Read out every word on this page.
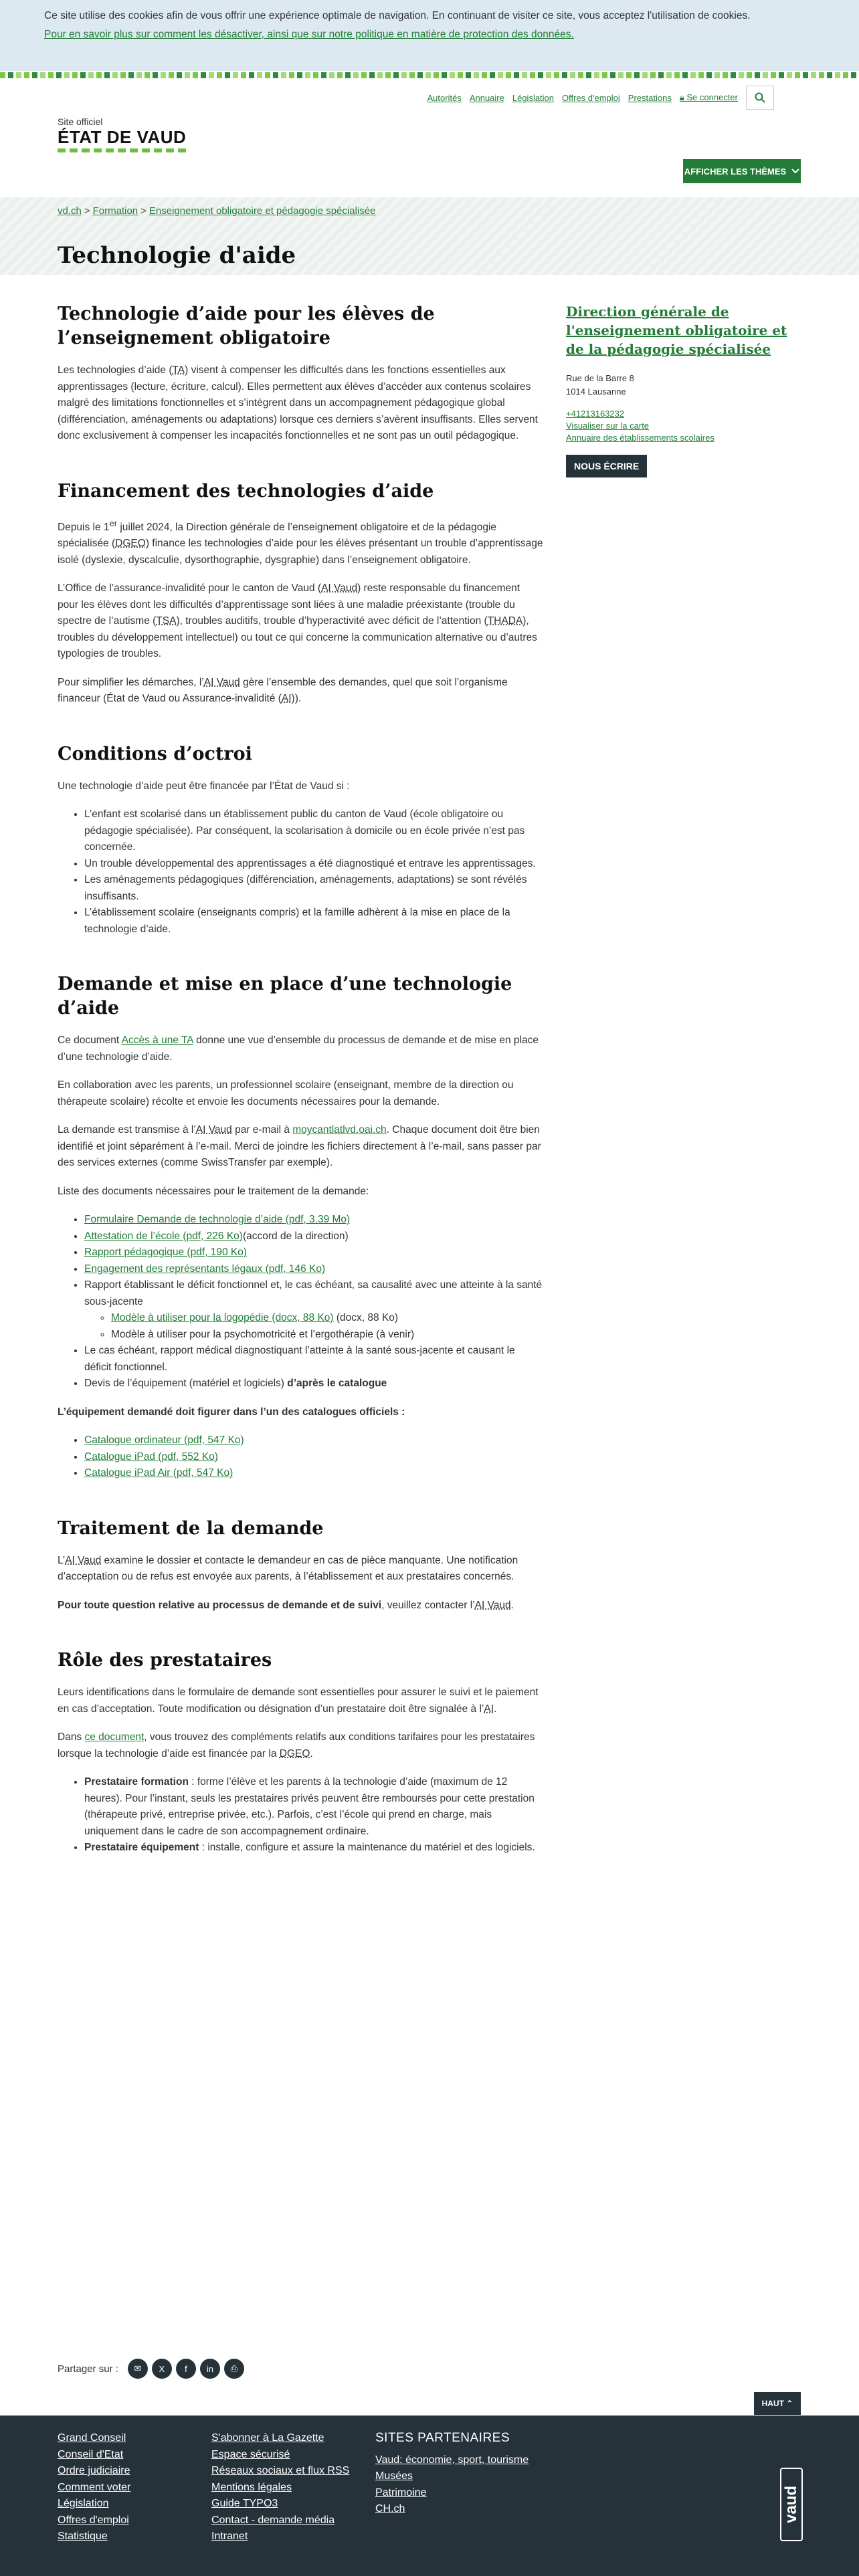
Ce site utilise des cookies afin de vous offrir une expérience optimale de navigation. En continuant de visiter ce site, vous acceptez l'utilisation de cookies.

Pour en savoir plus sur comment les désactiver, ainsi que sur notre politique en matière de protection des données.
Autorités Annuaire Législation Offres d'emploi Prestations 🔒︎ Se connecter
Site officiel
ÉTAT DE VAUD
AFFICHER LES THÈMES
vd.ch > Formation > Enseignement obligatoire et pédagogie spécialisée
Technologie d'aide
Technologie d’aide pour les élèves de l’enseignement obligatoire

Les technologies d’aide (TA) visent à compenser les difficultés dans les fonctions essentielles aux apprentissages (lecture, écriture, calcul). Elles permettent aux élèves d’accéder aux contenus scolaires malgré des limitations fonctionnelles et s’intègrent dans un accompagnement pédagogique global (différenciation, aménagements ou adaptations) lorsque ces derniers s’avèrent insuffisants. Elles servent donc exclusivement à compenser les incapacités fonctionnelles et ne sont pas un outil pédagogique.

Financement des technologies d’aide

Depuis le 1er juillet 2024, la Direction générale de l’enseignement obligatoire et de la pédagogie spécialisée (DGEO) finance les technologies d’aide pour les élèves présentant un trouble d’apprentissage isolé (dyslexie, dyscalculie, dysorthographie, dysgraphie) dans l’enseignement obligatoire.

L’Office de l’assurance-invalidité pour le canton de Vaud (AI Vaud) reste responsable du financement pour les élèves dont les difficultés d’apprentissage sont liées à une maladie préexistante (trouble du spectre de l’autisme (TSA), troubles auditifs, trouble d’hyperactivité avec déficit de l’attention (THADA), troubles du développement intellectuel) ou tout ce qui concerne la communication alternative ou d’autres typologies de troubles.

Pour simplifier les démarches, l’AI Vaud gère l’ensemble des demandes, quel que soit l’organisme financeur (État de Vaud ou Assurance-invalidité (AI)).

Conditions d’octroi

Une technologie d’aide peut être financée par l’État de Vaud si :

• L’enfant est scolarisé dans un établissement public du canton de Vaud (école obligatoire ou pédagogie spécialisée). Par conséquent, la scolarisation à domicile ou en école privée n’est pas concernée.
• Un trouble développemental des apprentissages a été diagnostiqué et entrave les apprentissages.
• Les aménagements pédagogiques (différenciation, aménagements, adaptations) se sont révélés insuffisants.
• L’établissement scolaire (enseignants compris) et la famille adhèrent à la mise en place de la technologie d’aide.
Demande et mise en place d’une technologie d’aide

Ce document Accès à une TA donne une vue d’ensemble du processus de demande et de mise en place d’une technologie d’aide.

En collaboration avec les parents, un professionnel scolaire (enseignant, membre de la direction ou thérapeute scolaire) récolte et envoie les documents nécessaires pour la demande.

La demande est transmise à l’AI Vaud par e-mail à moycantlatlvd.oai.ch. Chaque document doit être bien identifié et joint séparément à l’e-mail. Merci de joindre les fichiers directement à l’e-mail, sans passer par des services externes (comme SwissTransfer par exemple).

Liste des documents nécessaires pour le traitement de la demande:

• Formulaire Demande de technologie d’aide (pdf, 3.39 Mo)
• Attestation de l’école (pdf, 226 Ko)(accord de la direction)
• Rapport pédagogique (pdf, 190 Ko)
• Engagement des représentants légaux (pdf, 146 Ko)
• Rapport établissant le déficit fonctionnel et, le cas échéant, sa causalité avec une atteinte à la santé sous-jacente
◦ Modèle à utiliser pour la logopédie (docx, 88 Ko) (docx, 88 Ko)
◦ Modèle à utiliser pour la psychomotricité et l’ergothérapie (à venir)
• Le cas échéant, rapport médical diagnostiquant l’atteinte à la santé sous-jacente et causant le déficit fonctionnel.
• Devis de l’équipement (matériel et logiciels) d’après le catalogue

L’équipement demandé doit figurer dans l’un des catalogues officiels :

• Catalogue ordinateur (pdf, 547 Ko)
• Catalogue iPad (pdf, 552 Ko)
• Catalogue iPad Air (pdf, 547 Ko)
Traitement de la demande

L’AI Vaud examine le dossier et contacte le demandeur en cas de pièce manquante. Une notification d’acceptation ou de refus est envoyée aux parents, à l’établissement et aux prestataires concernés.

Pour toute question relative au processus de demande et de suivi, veuillez contacter l’AI Vaud.

Rôle des prestataires

Leurs identifications dans le formulaire de demande sont essentielles pour assurer le suivi et le paiement en cas d’acceptation. Toute modification ou désignation d’un prestataire doit être signalée à l’AI.

Dans ce document, vous trouvez des compléments relatifs aux conditions tarifaires pour les prestataires lorsque la technologie d’aide est financée par la DGEO.

• Prestataire formation : forme l’élève et les parents à la technologie d’aide (maximum de 12 heures). Pour l’instant, seuls les prestataires privés peuvent être remboursés pour cette prestation (thérapeute privé, entreprise privée, etc.). Parfois, c’est l’école qui prend en charge, mais uniquement dans le cadre de son accompagnement ordinaire.
• Prestataire équipement : installe, configure et assure la maintenance du matériel et des logiciels.
Direction générale de l'enseignement obligatoire et de la pédagogie spécialisée
Rue de la Barre 8
1014 Lausanne
+41213163232
Visualiser sur la carte
Annuaire des établissements scolaires
NOUS ÉCRIRE
Partager sur :	✉	X	f	in	⎙
HAUT
⌃
Grand Conseil
Conseil d'Etat
Ordre judiciaire
Comment voter
Législation
Offres d'emploi
Statistique
S'abonner à La Gazette
Espace sécurisé
Réseaux sociaux et flux RSS
Mentions légales
Guide TYPO3
Contact - demande média
Intranet
SITES PARTENAIRES
Vaud: économie, sport, tourisme
Musées
Patrimoine
CH.ch	vaud
